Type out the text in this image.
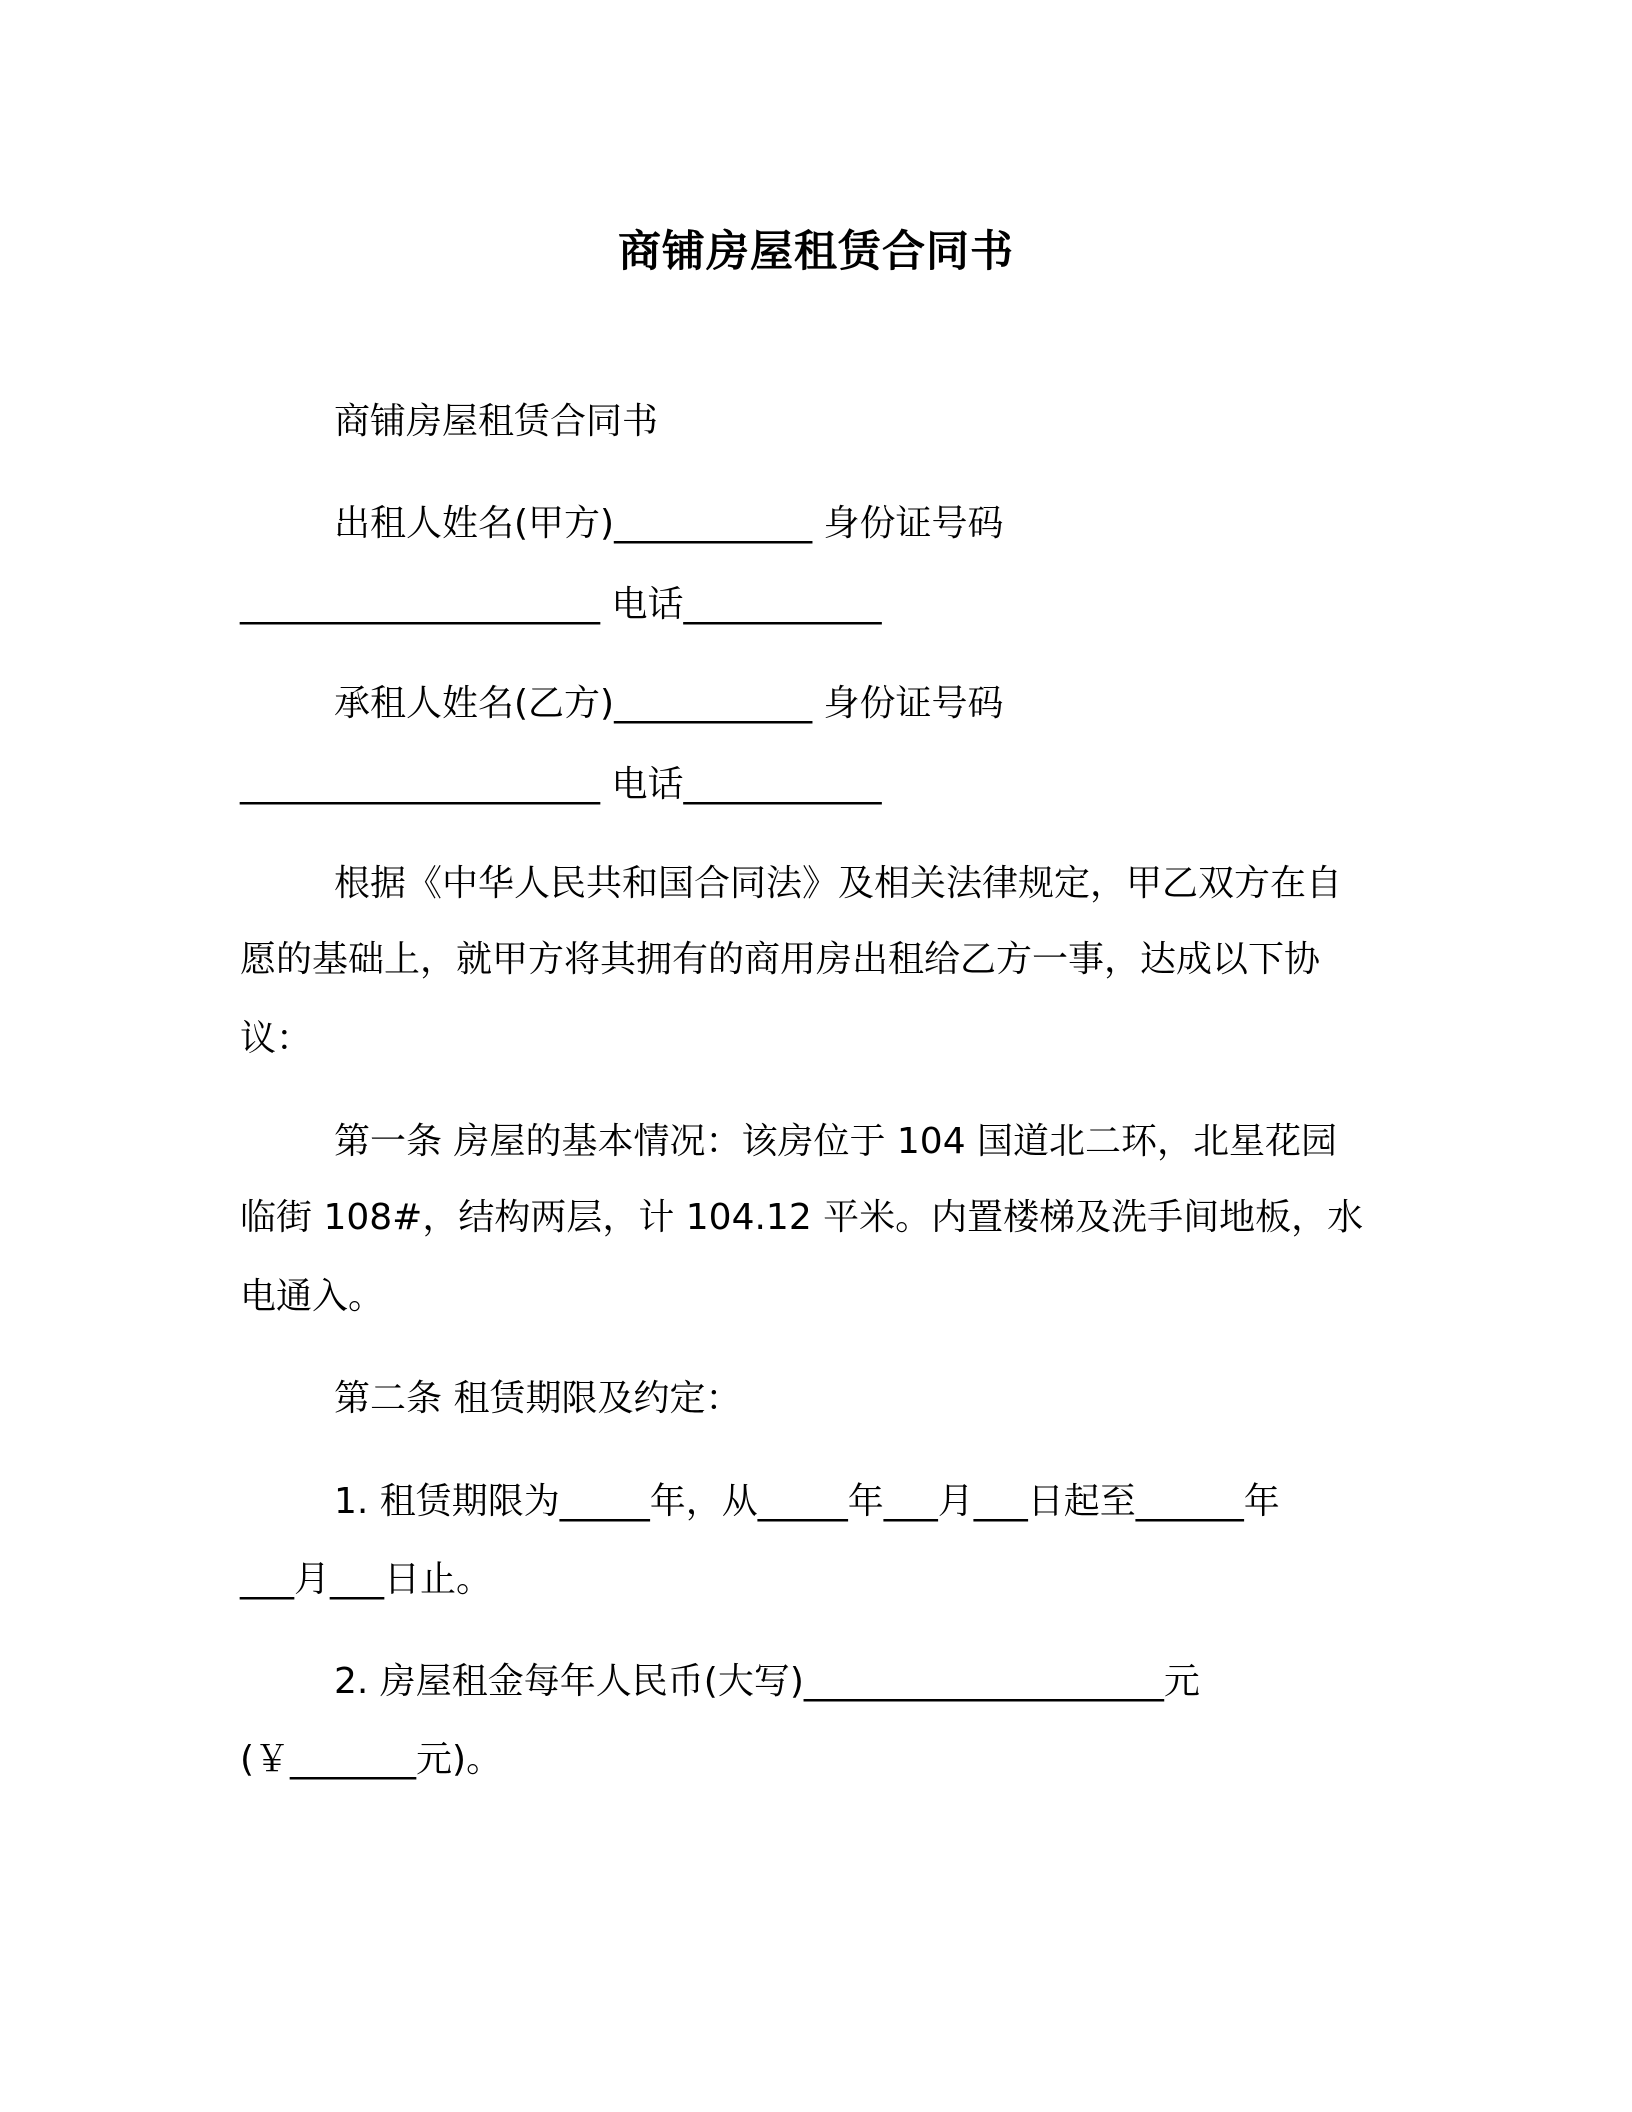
商铺房屋租赁合同书
商铺房屋租赁合同书
出租人姓名(甲方)___________ 身份证号码
____________________ 电话___________
承租人姓名(乙方)___________ 身份证号码
____________________ 电话___________
根据《中华人民共和国合同法》及相关法律规定，甲乙双方在自
愿的基础上，就甲方将其拥有的商用房出租给乙方一事，达成以下协
议：
第一条 房屋的基本情况：该房位于 104 国道北二环，北星花园
临街 108#，结构两层，计 104.12 平米。内置楼梯及洗手间地板，水
电通入。
第二条 租赁期限及约定：
1. 租赁期限为_____年，从_____年___月___日起至______年
___月___日止。
2. 房屋租金每年人民币(大写)____________________元
(￥_______元)。
